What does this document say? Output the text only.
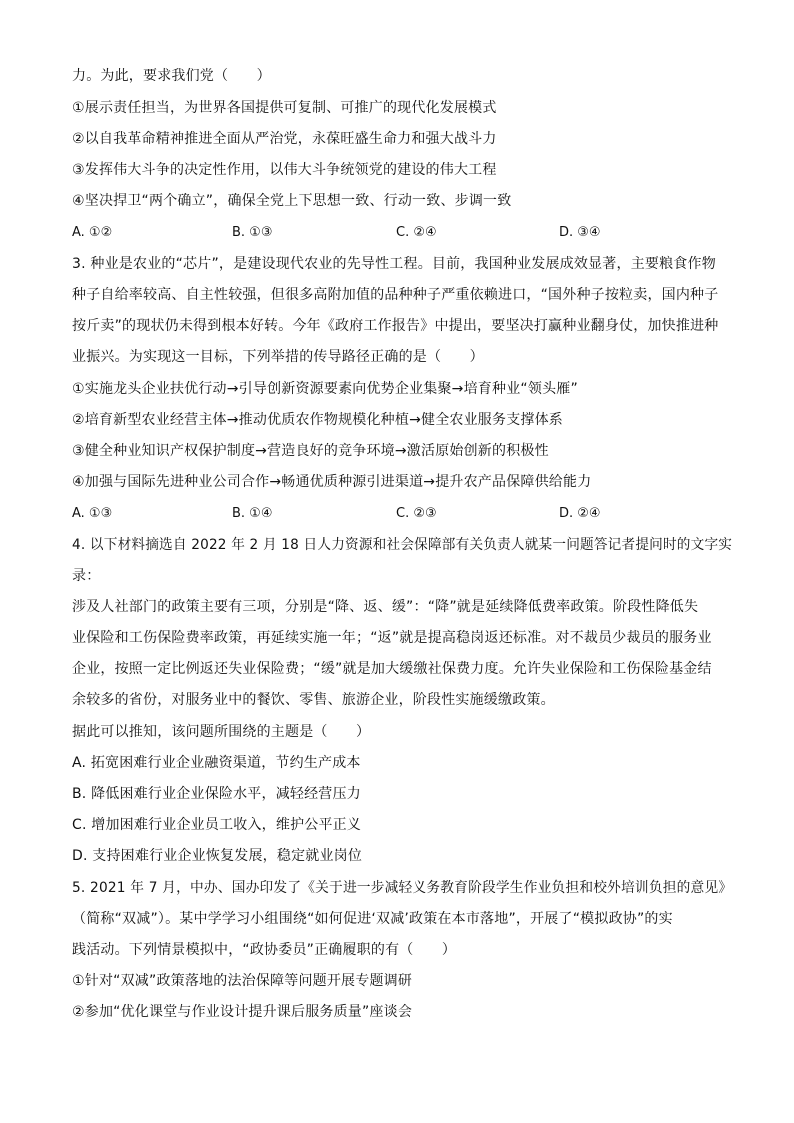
力。为此，要求我们党（　　）
①展示责任担当，为世界各国提供可复制、可推广的现代化发展模式
②以自我革命精神推进全面从严治党，永葆旺盛生命力和强大战斗力
③发挥伟大斗争的决定性作用，以伟大斗争统领党的建设的伟大工程
④坚决捍卫“两个确立”，确保全党上下思想一致、行动一致、步调一致
A. ①②	B. ①③	C. ②④	D. ③④
3. 种业是农业的“芯片”，是建设现代农业的先导性工程。目前，我国种业发展成效显著，主要粮食作物
种子自给率较高、自主性较强，但很多高附加值的品种种子严重依赖进口，“国外种子按粒卖，国内种子
按斤卖”的现状仍未得到根本好转。今年《政府工作报告》中提出，要坚决打赢种业翻身仗，加快推进种
业振兴。为实现这一目标，下列举措的传导路径正确的是（　　）
①实施龙头企业扶优行动→引导创新资源要素向优势企业集聚→培育种业“领头雁”
②培育新型农业经营主体→推动优质农作物规模化种植→健全农业服务支撑体系
③健全种业知识产权保护制度→营造良好的竞争环境→激活原始创新的积极性
④加强与国际先进种业公司合作→畅通优质种源引进渠道→提升农产品保障供给能力
A. ①③	B. ①④	C. ②③	D. ②④
4. 以下材料摘选自 2022 年 2 月 18 日人力资源和社会保障部有关负责人就某一问题答记者提问时的文字实
录：
涉及人社部门的政策主要有三项，分别是“降、返、缓”：“降”就是延续降低费率政策。阶段性降低失
业保险和工伤保险费率政策，再延续实施一年；“返”就是提高稳岗返还标准。对不裁员少裁员的服务业
企业，按照一定比例返还失业保险费；“缓”就是加大缓缴社保费力度。允许失业保险和工伤保险基金结
余较多的省份，对服务业中的餐饮、零售、旅游企业，阶段性实施缓缴政策。
据此可以推知，该问题所围绕的主题是（　　）
A. 拓宽困难行业企业融资渠道，节约生产成本
B. 降低困难行业企业保险水平，减轻经营压力
C. 增加困难行业企业员工收入，维护公平正义
D. 支持困难行业企业恢复发展，稳定就业岗位
5. 2021 年 7 月，中办、国办印发了《关于进一步减轻义务教育阶段学生作业负担和校外培训负担的意见》
（简称“双减”）。某中学学习小组围绕“如何促进‘双减’政策在本市落地”，开展了“模拟政协”的实
践活动。下列情景模拟中，“政协委员”正确履职的有（　　）
①针对“双减”政策落地的法治保障等问题开展专题调研
②参加“优化课堂与作业设计提升课后服务质量”座谈会
